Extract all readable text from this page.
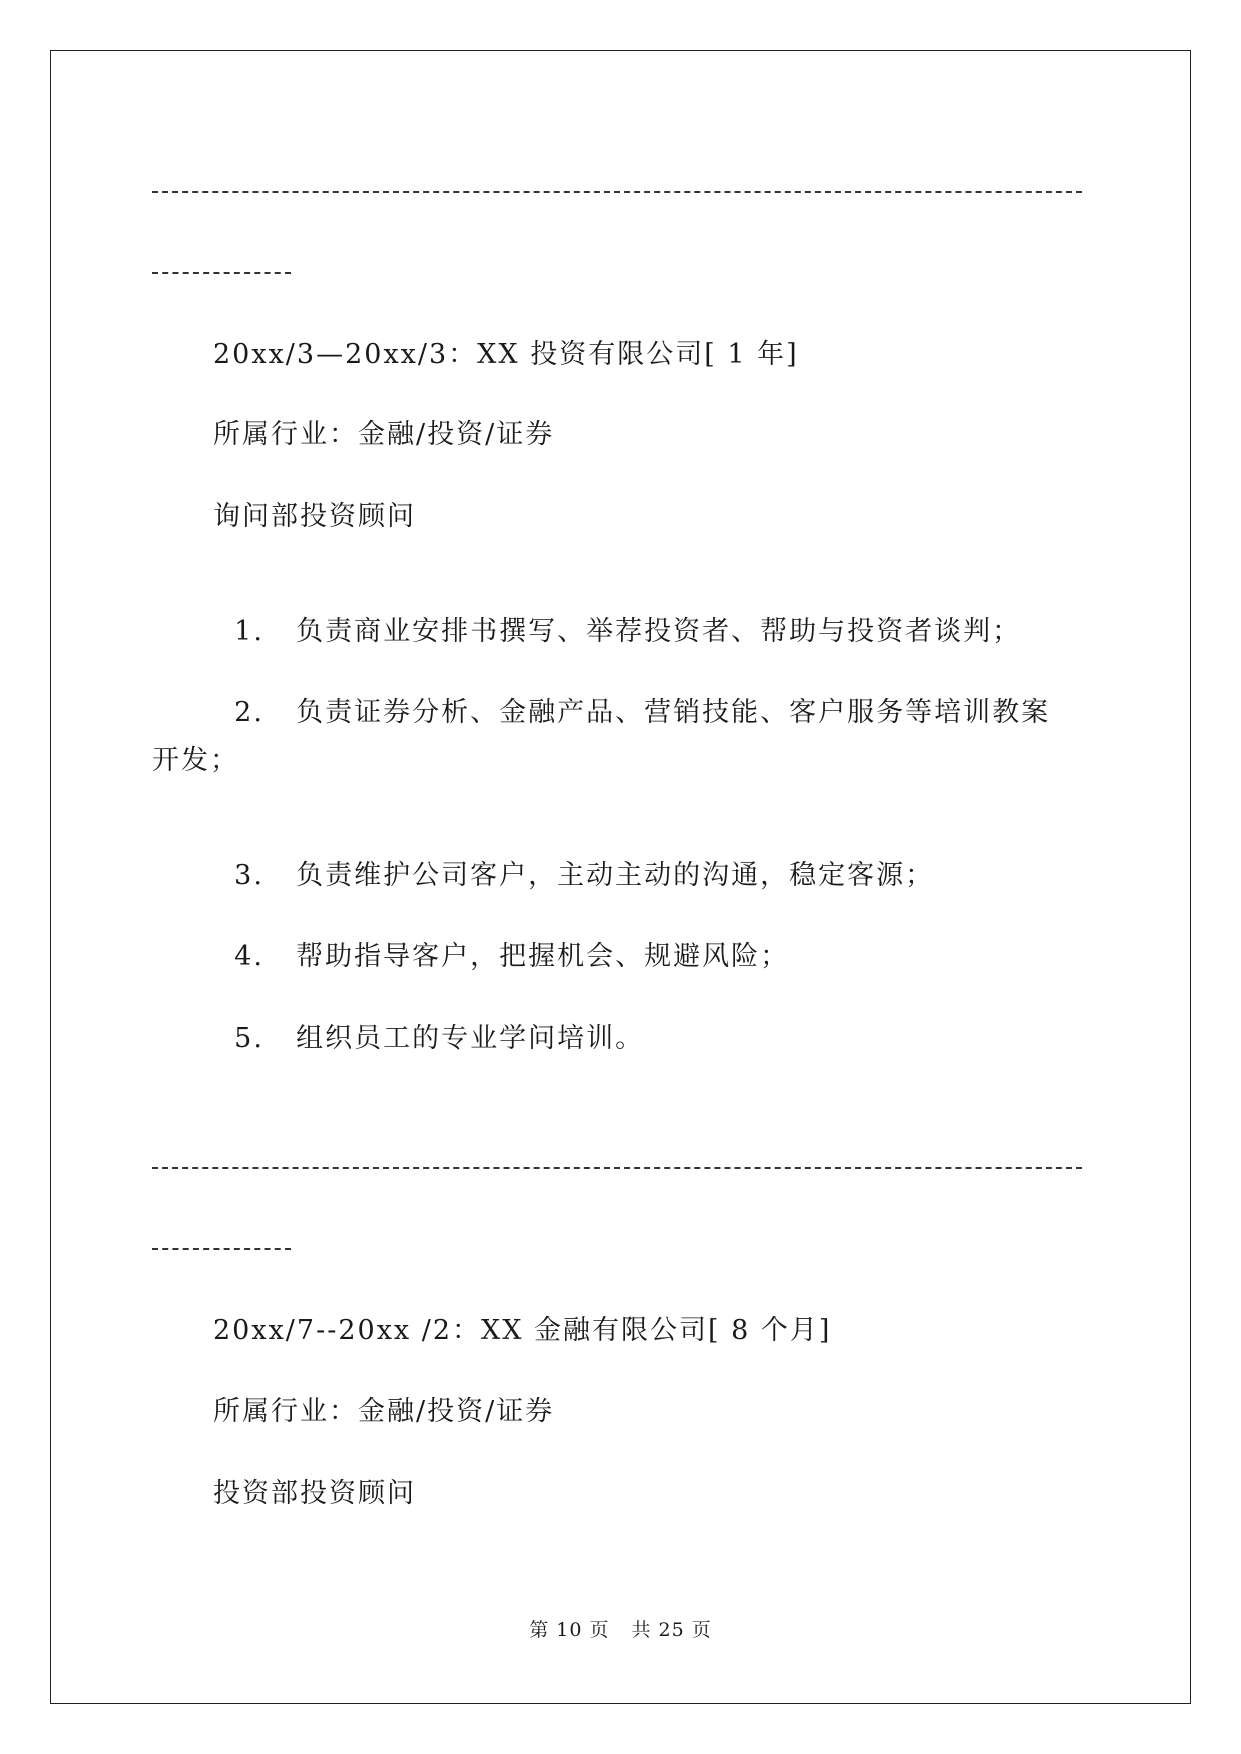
20xx/3—20xx/3：XX 投资有限公司[ 1 年]
所属行业：金融/投资/证券
询问部投资顾问

1. 负责商业安排书撰写、举荐投资者、帮助与投资者谈判；

2. 负责证券分析、金融产品、营销技能、客户服务等培训教案

开发；

3. 负责维护公司客户，主动主动的沟通，稳定客源；

4. 帮助指导客户，把握机会、规避风险；

5. 组织员工的专业学问培训。

20xx/7--20xx /2：XX 金融有限公司[ 8 个月]
所属行业：金融/投资/证券
投资部投资顾问
第 10 页 共 25 页
